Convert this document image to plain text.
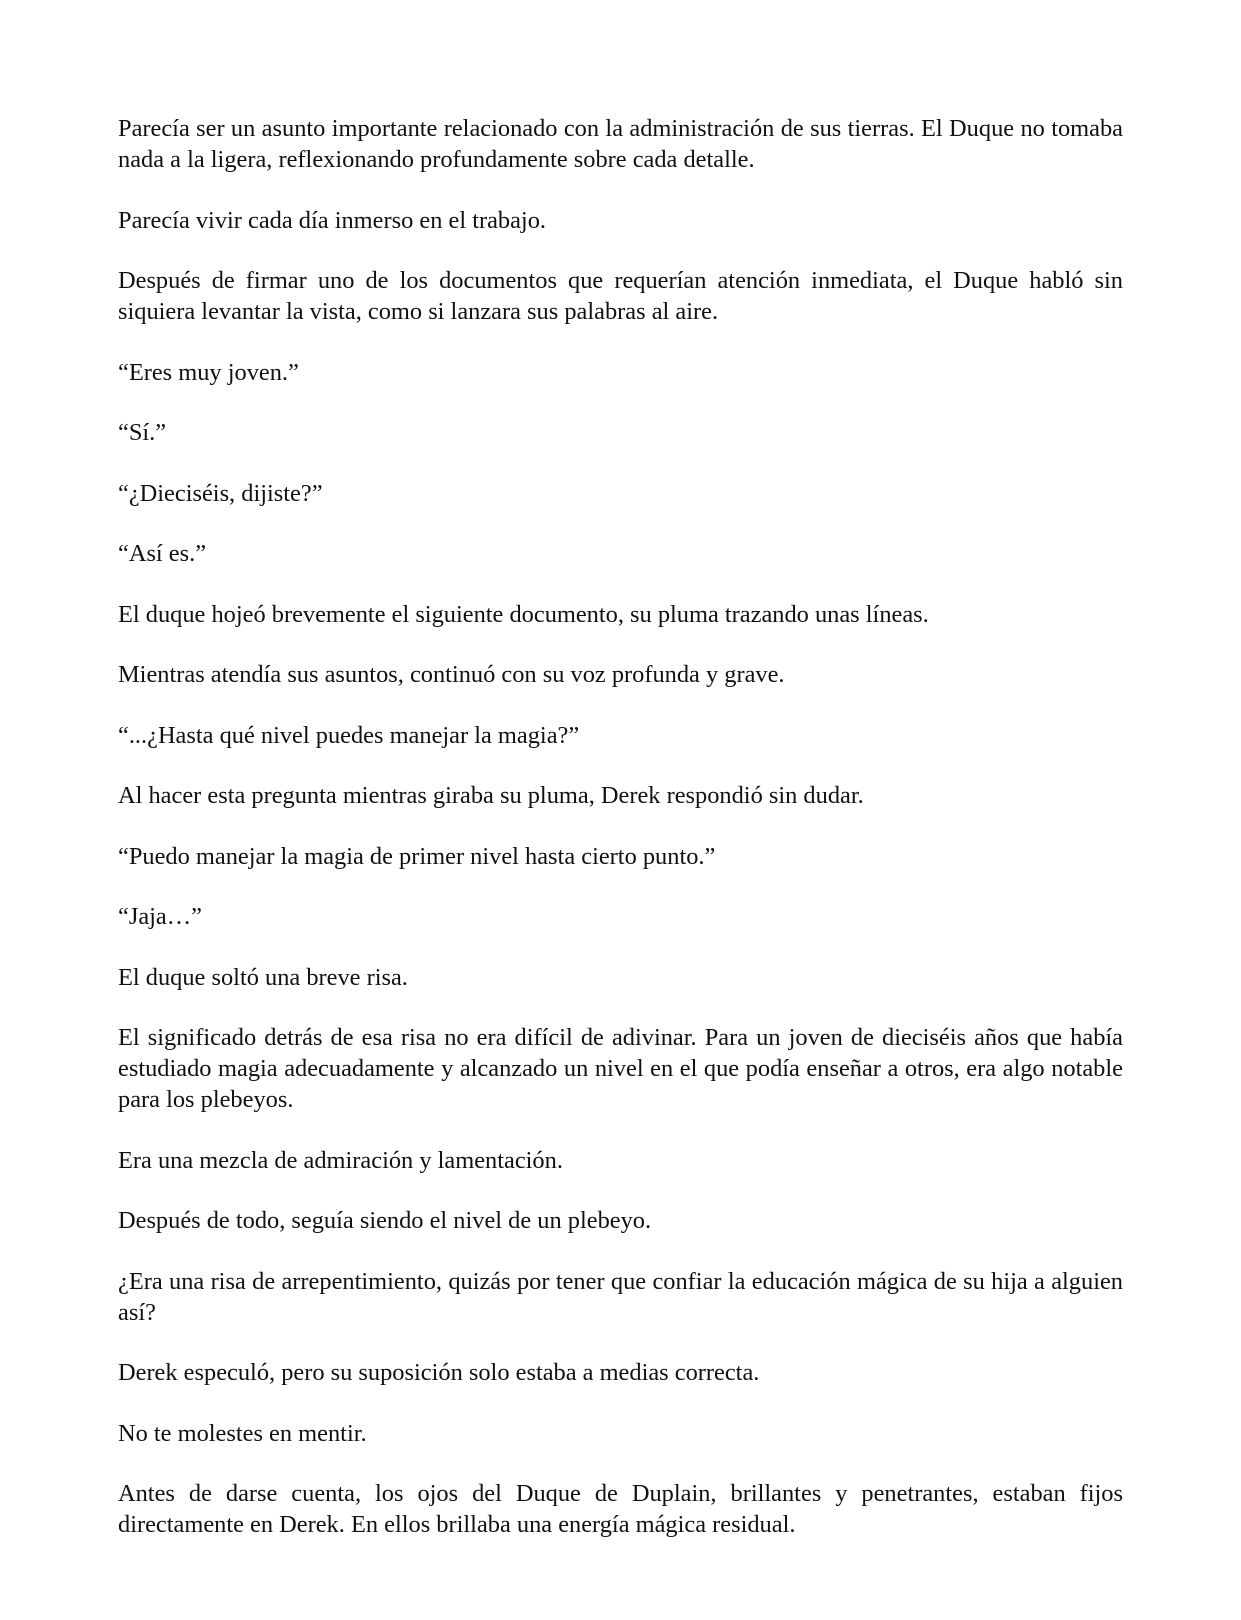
Parecía ser un asunto importante relacionado con la administración de sus tierras. El Duque no tomaba nada a la ligera, reflexionando profundamente sobre cada detalle.

Parecía vivir cada día inmerso en el trabajo.

Después de firmar uno de los documentos que requerían atención inmediata, el Duque habló sin siquiera levantar la vista, como si lanzara sus palabras al aire.

“Eres muy joven.”

“Sí.”

“¿Dieciséis, dijiste?”

“Así es.”

El duque hojeó brevemente el siguiente documento, su pluma trazando unas líneas.

Mientras atendía sus asuntos, continuó con su voz profunda y grave.

“...¿Hasta qué nivel puedes manejar la magia?”

Al hacer esta pregunta mientras giraba su pluma, Derek respondió sin dudar.

“Puedo manejar la magia de primer nivel hasta cierto punto.”

“Jaja…”

El duque soltó una breve risa.

El significado detrás de esa risa no era difícil de adivinar. Para un joven de dieciséis años que había estudiado magia adecuadamente y alcanzado un nivel en el que podía enseñar a otros, era algo notable para los plebeyos.

Era una mezcla de admiración y lamentación.

Después de todo, seguía siendo el nivel de un plebeyo.

¿Era una risa de arrepentimiento, quizás por tener que confiar la educación mágica de su hija a alguien así?

Derek especuló, pero su suposición solo estaba a medias correcta.

No te molestes en mentir.

Antes de darse cuenta, los ojos del Duque de Duplain, brillantes y penetrantes, estaban fijos directamente en Derek. En ellos brillaba una energía mágica residual.
